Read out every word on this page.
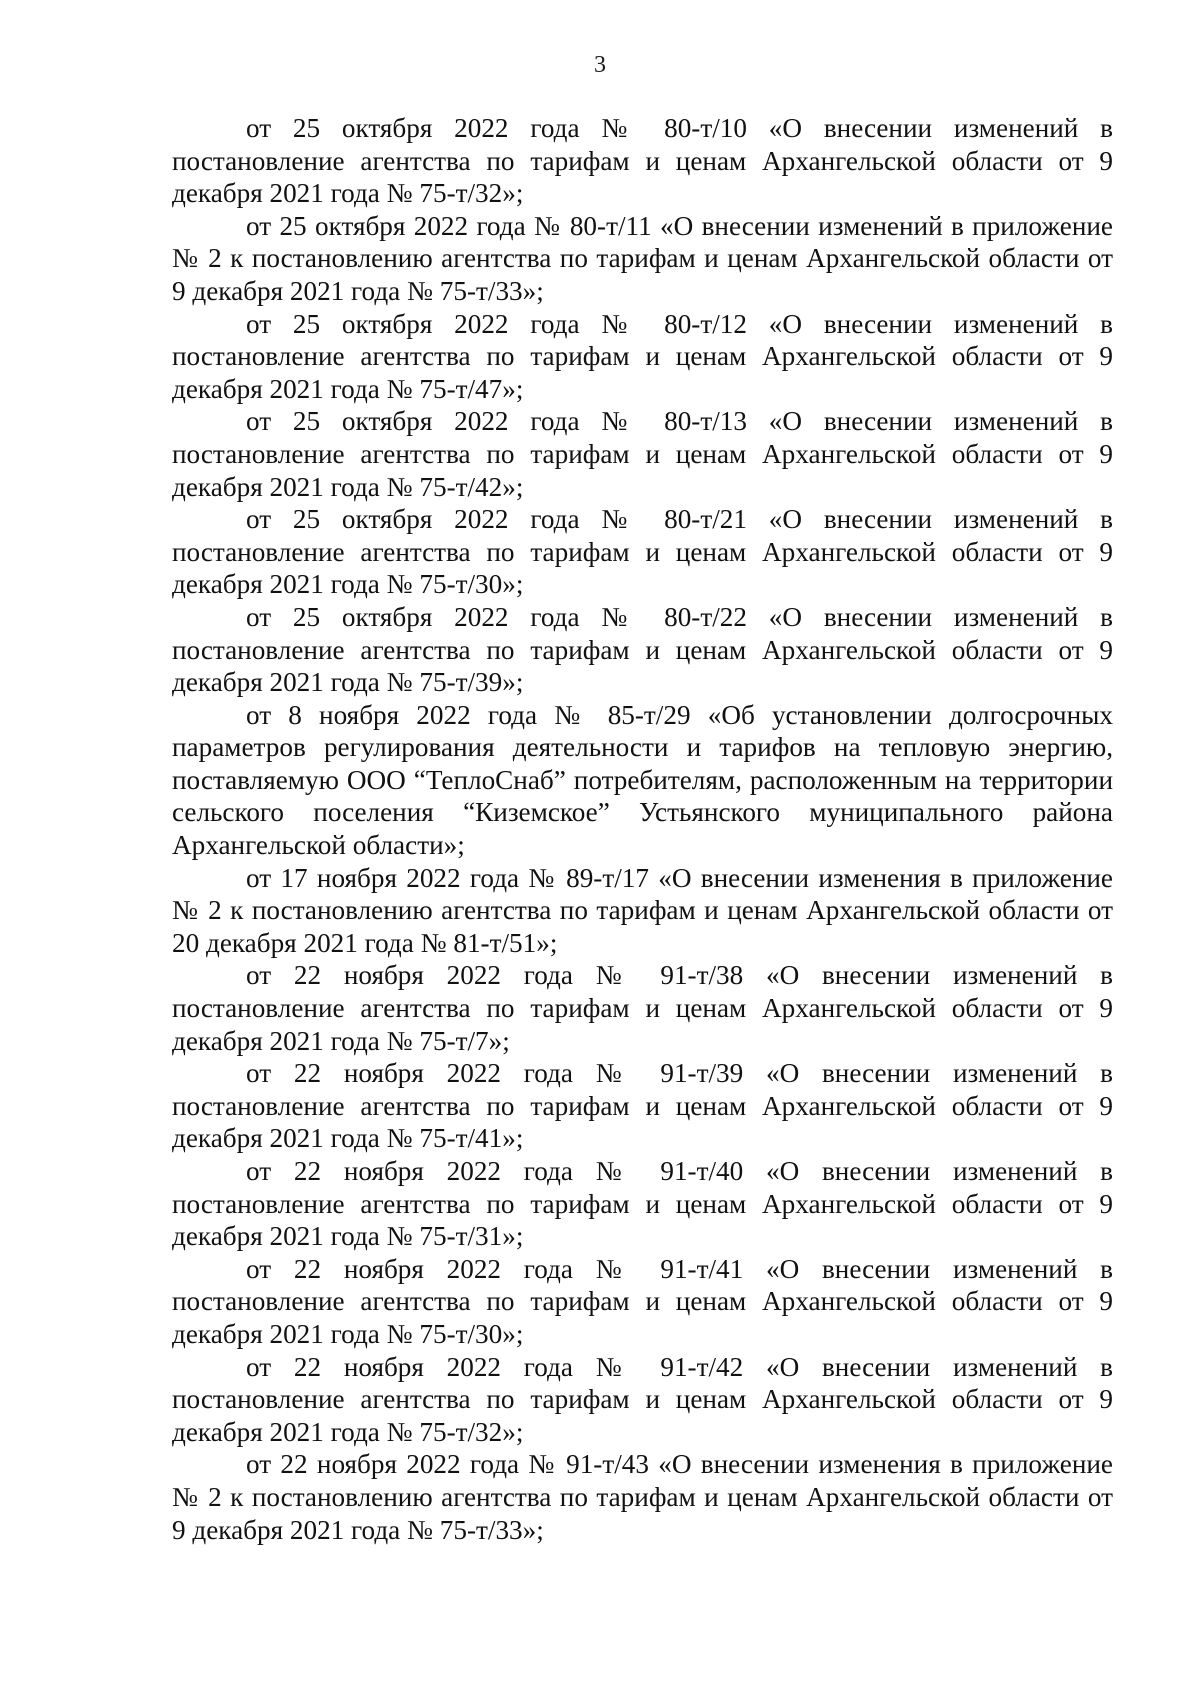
3

от 25 октября 2022 года № 80-т/10 «О внесении изменений в постановление агентства по тарифам и ценам Архангельской области от 9 декабря 2021 года № 75-т/32»;

от 25 октября 2022 года № 80-т/11 «О внесении изменений в приложение № 2 к постановлению агентства по тарифам и ценам Архангельской области от 9 декабря 2021 года № 75-т/33»;

от 25 октября 2022 года № 80-т/12 «О внесении изменений в постановление агентства по тарифам и ценам Архангельской области от 9 декабря 2021 года № 75-т/47»;

от 25 октября 2022 года № 80-т/13 «О внесении изменений в постановление агентства по тарифам и ценам Архангельской области от 9 декабря 2021 года № 75-т/42»;

от 25 октября 2022 года № 80-т/21 «О внесении изменений в постановление агентства по тарифам и ценам Архангельской области от 9 декабря 2021 года № 75-т/30»;

от 25 октября 2022 года № 80-т/22 «О внесении изменений в постановление агентства по тарифам и ценам Архангельской области от 9 декабря 2021 года № 75-т/39»;

от 8 ноября 2022 года № 85-т/29 «Об установлении долгосрочных параметров регулирования деятельности и тарифов на тепловую энергию, поставляемую ООО “ТеплоСнаб” потребителям, расположенным на территории сельского поселения “Киземское” Устьянского муниципального района Архангельской области»;

от 17 ноября 2022 года № 89-т/17 «О внесении изменения в приложение № 2 к постановлению агентства по тарифам и ценам Архангельской области от 20 декабря 2021 года № 81-т/51»;

от 22 ноября 2022 года № 91-т/38 «О внесении изменений в постановление агентства по тарифам и ценам Архангельской области от 9 декабря 2021 года № 75-т/7»;

от 22 ноября 2022 года № 91-т/39 «О внесении изменений в постановление агентства по тарифам и ценам Архангельской области от 9 декабря 2021 года № 75-т/41»;

от 22 ноября 2022 года № 91-т/40 «О внесении изменений в постановление агентства по тарифам и ценам Архангельской области от 9 декабря 2021 года № 75-т/31»;

от 22 ноября 2022 года № 91-т/41 «О внесении изменений в постановление агентства по тарифам и ценам Архангельской области от 9 декабря 2021 года № 75-т/30»;

от 22 ноября 2022 года № 91-т/42 «О внесении изменений в постановление агентства по тарифам и ценам Архангельской области от 9 декабря 2021 года № 75-т/32»;

от 22 ноября 2022 года № 91-т/43 «О внесении изменения в приложение № 2 к постановлению агентства по тарифам и ценам Архангельской области от 9 декабря 2021 года № 75-т/33»;
